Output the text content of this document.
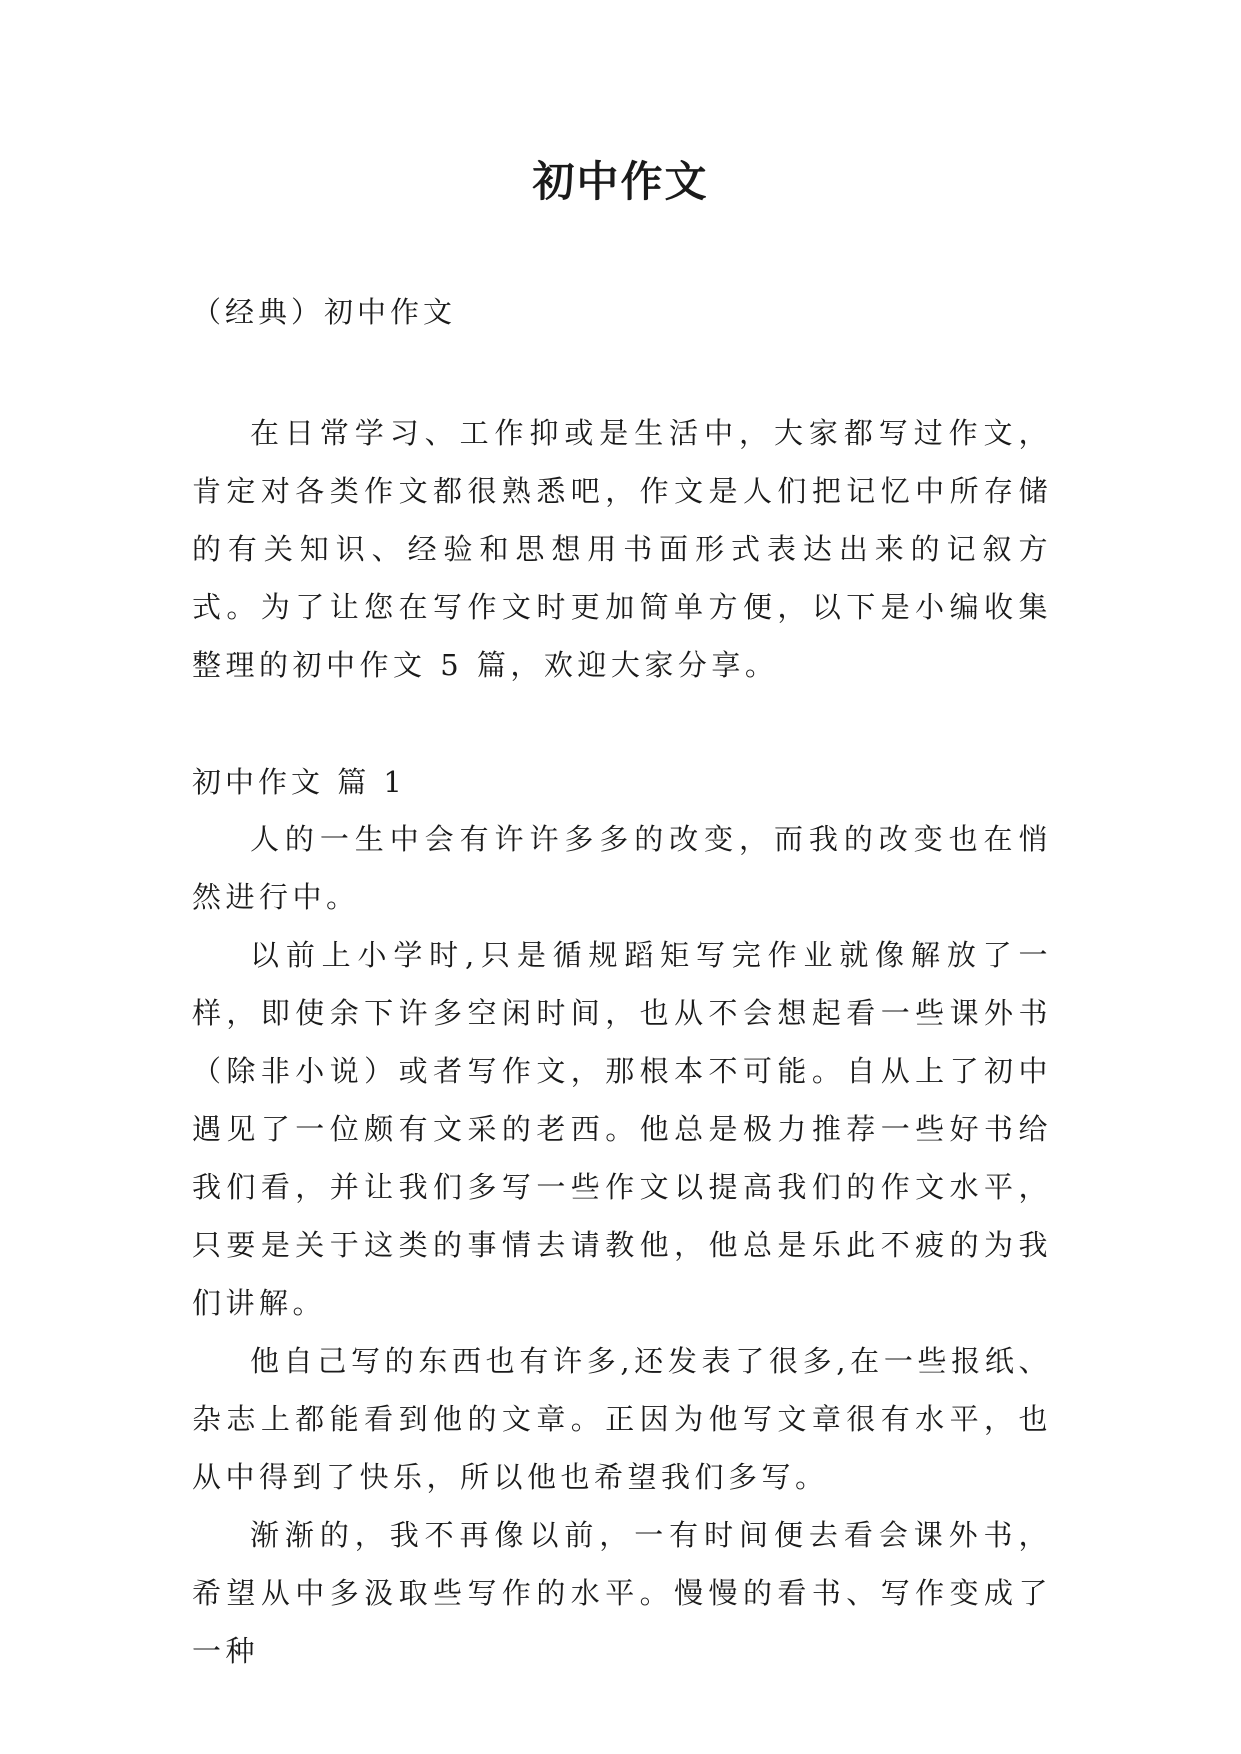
初中作文
（经典）初中作文

在日常学习、工作抑或是生活中，大家都写过作文，肯定对各类作文都很熟悉吧，作文是人们把记忆中所存储的有关知识、经验和思想用书面形式表达出来的记叙方式。为了让您在写作文时更加简单方便，以下是小编收集整理的初中作文 5 篇，欢迎大家分享。

初中作文 篇 1

人的一生中会有许许多多的改变，而我的改变也在悄然进行中。

以前上小学时,只是循规蹈矩写完作业就像解放了一样，即使余下许多空闲时间，也从不会想起看一些课外书（除非小说）或者写作文，那根本不可能。自从上了初中遇见了一位颇有文采的老西。他总是极力推荐一些好书给我们看，并让我们多写一些作文以提高我们的作文水平，只要是关于这类的事情去请教他，他总是乐此不疲的为我们讲解。

他自己写的东西也有许多,还发表了很多,在一些报纸、杂志上都能看到他的文章。正因为他写文章很有水平，也从中得到了快乐，所以他也希望我们多写。

渐渐的，我不再像以前，一有时间便去看会课外书，希望从中多汲取些写作的水平。慢慢的看书、写作变成了一种
